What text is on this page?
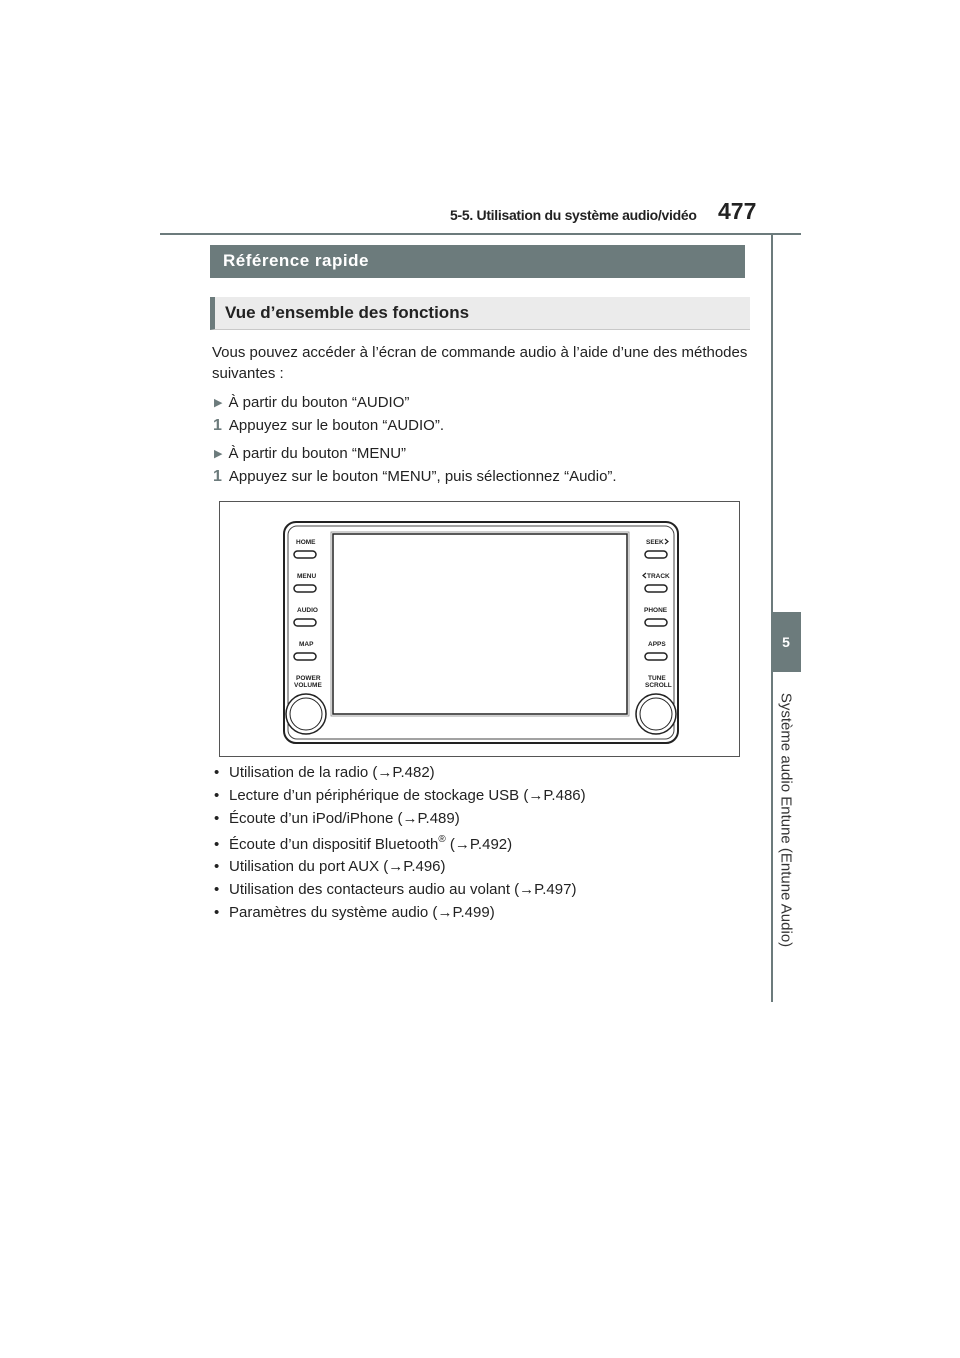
5-5. Utilisation du système audio/vidéo 477
5
Système audio Entune (Entune Audio)
Référence rapide
Vue d’ensemble des fonctions
Vous pouvez accéder à l’écran de commande audio à l’aide d’une des méthodes suivantes :
▶ À partir du bouton “AUDIO”
1 Appuyez sur le bouton “AUDIO”.
▶ À partir du bouton “MENU”
1 Appuyez sur le bouton “MENU”, puis sélectionnez “Audio”.
HOME
MENU
AUDIO
MAP
POWER
VOLUME
SEEK
TRACK
PHONE
APPS
TUNE
SCROLL
• Utilisation de la radio (→P.482)
• Lecture d’un périphérique de stockage USB (→P.486)
• Écoute d’un iPod/iPhone (→P.489)
• Écoute d’un dispositif Bluetooth® (→P.492)
• Utilisation du port AUX (→P.496)
• Utilisation des contacteurs audio au volant (→P.497)
• Paramètres du système audio (→P.499)
